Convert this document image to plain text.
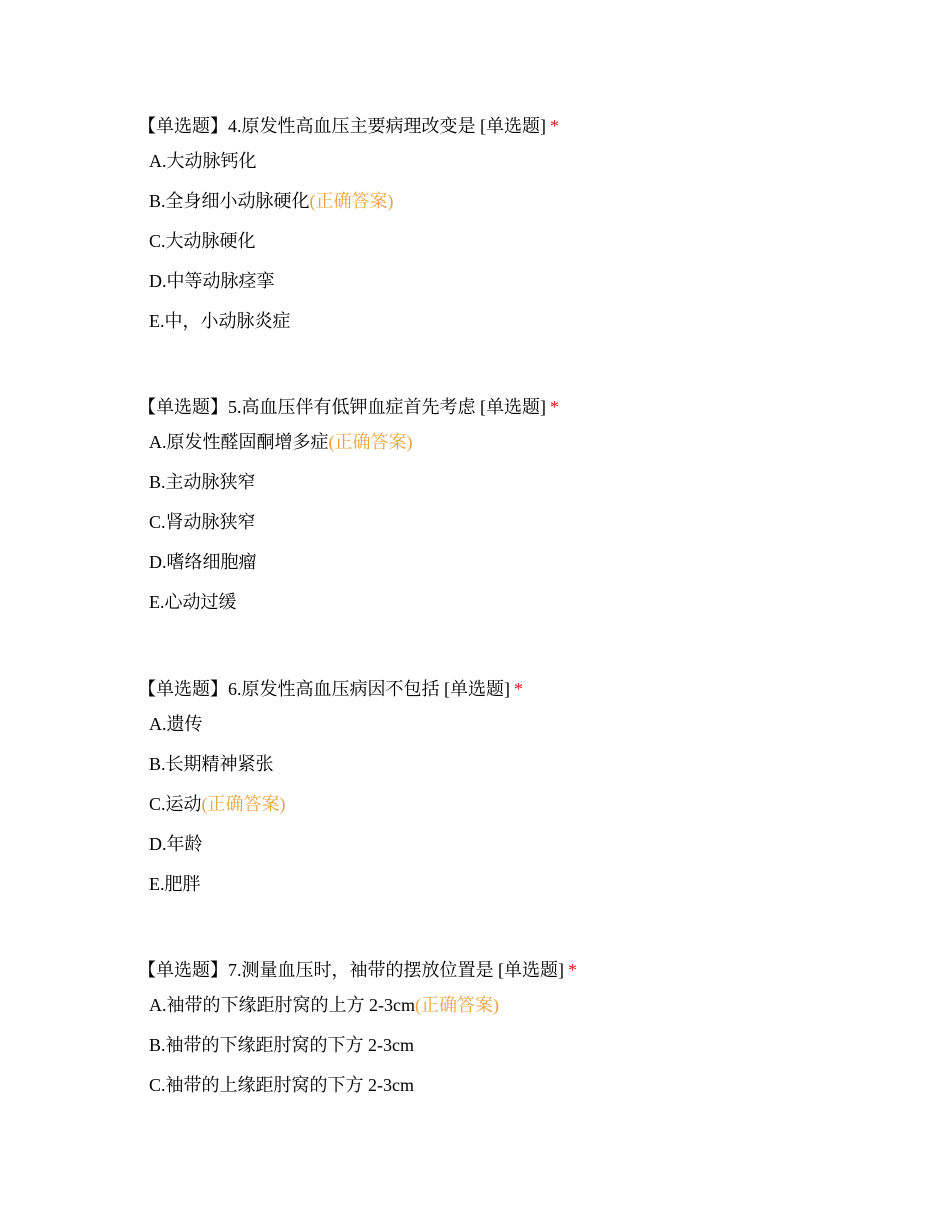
【单选题】4.原发性高血压主要病理改变是 [单选题] *
A.大动脉钙化
B.全身细小动脉硬化(正确答案)
C.大动脉硬化
D.中等动脉痉挛
E.中，小动脉炎症
【单选题】5.高血压伴有低钾血症首先考虑 [单选题] *
A.原发性醛固酮增多症(正确答案)
B.主动脉狭窄
C.肾动脉狭窄
D.嗜络细胞瘤
E.心动过缓
【单选题】6.原发性高血压病因不包括 [单选题] *
A.遗传
B.长期精神紧张
C.运动(正确答案)
D.年龄
E.肥胖
【单选题】7.测量血压时，袖带的摆放位置是 [单选题] *
A.袖带的下缘距肘窝的上方 2-3cm(正确答案)
B.袖带的下缘距肘窝的下方 2-3cm
C.袖带的上缘距肘窝的下方 2-3cm
